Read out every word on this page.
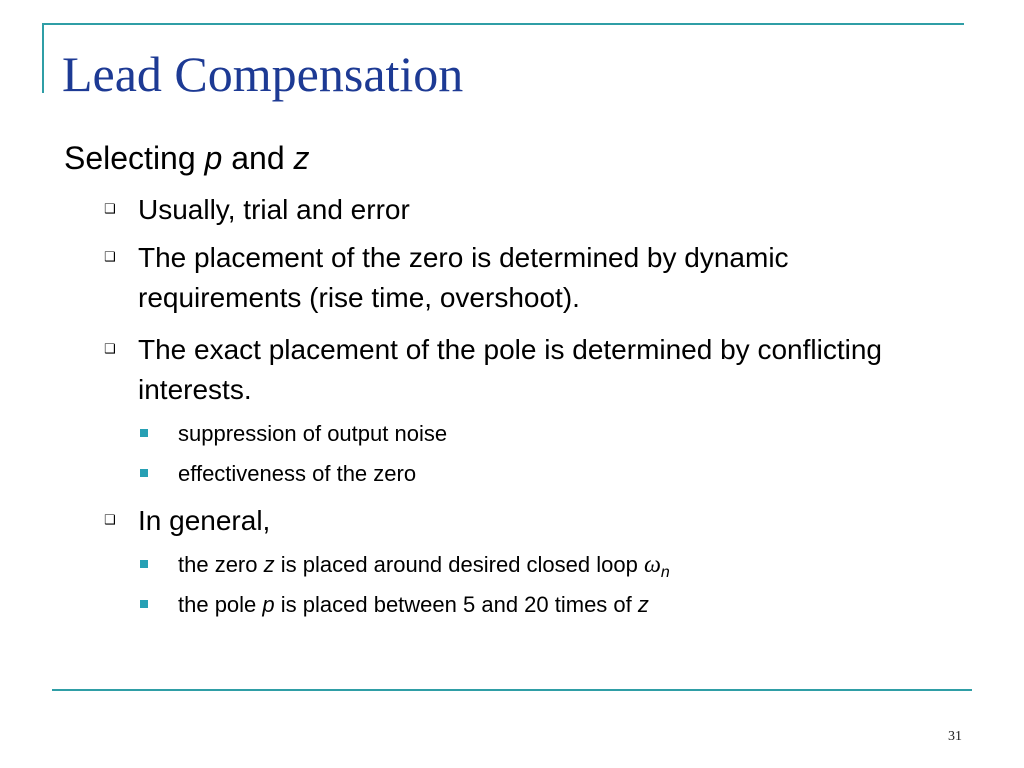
Lead Compensation
Selecting p and z
❑ Usually, trial and error
❑ The placement of the zero is determined by dynamic requirements (rise time, overshoot).
❑ The exact placement of the pole is determined by conflicting interests.
suppression of output noise
effectiveness of the zero
❑ In general,
the zero z is placed around desired closed loop $\omega_n$
the pole p is placed between 5 and 20 times of z
31
